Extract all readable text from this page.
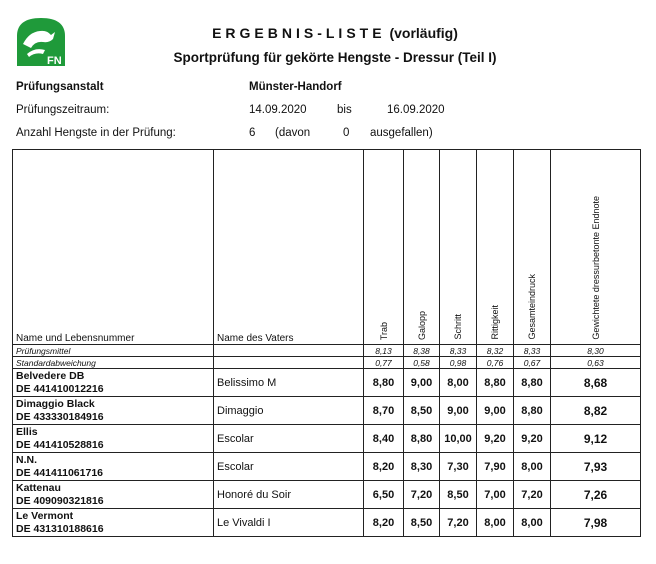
FN
ERGEBNIS-LISTE (vorläufig)
Sportprüfung für gekörte Hengste - Dressur (Teil I)
Prüfungsanstalt	Münster-Handorf
Prüfungszeitraum:	14.09.2020	bis	16.09.2020
Anzahl Hengste in der Prüfung:	6 (davon	0 ausgefallen)
Name und Lebensnummer	Name des Vaters	Trab	Galopp	Schritt	Rittigkeit	Gesamteindruck	Gewichtete dressurbetonte Endnote

Prüfungsmittel		8,13	8,38	8,33	8,32	8,33	8,30
Standardabweichung		0,77	0,58	0,98	0,76	0,67	0,63

Belvedere DB
DE 441410012216	Belissimo M	8,80	9,00	8,00	8,80	8,80	8,68

Dimaggio Black
DE 433330184916	Dimaggio	8,70	8,50	9,00	9,00	8,80	8,82

Ellis
DE 441410528816	Escolar	8,40	8,80	10,00	9,20	9,20	9,12

N.N.
DE 441411061716	Escolar	8,20	8,30	7,30	7,90	8,00	7,93

Kattenau
DE 409090321816	Honoré du Soir	6,50	7,20	8,50	7,00	7,20	7,26

Le Vermont
DE 431310188616	Le Vivaldi I	8,20	8,50	7,20	8,00	8,00	7,98
